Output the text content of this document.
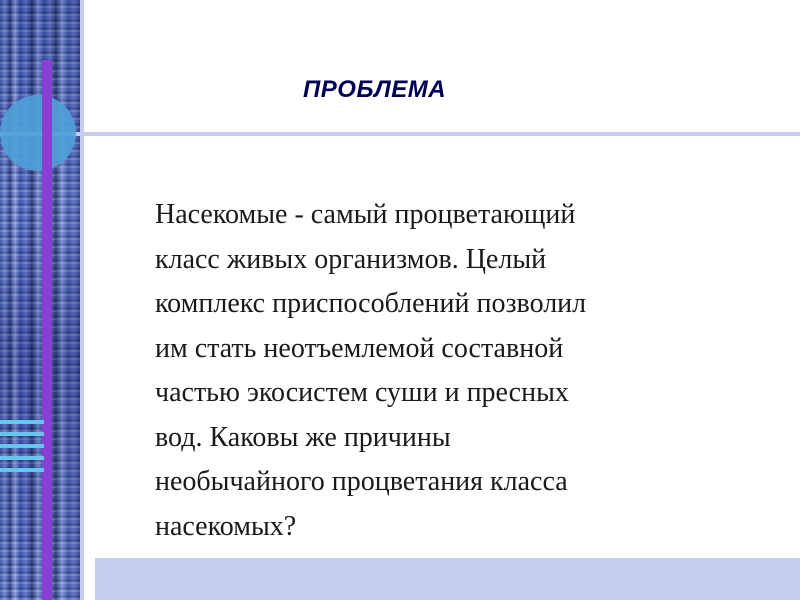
ПРОБЛЕМА

Насекомые - самый процветающий
класс живых организмов. Целый
комплекс приспособлений позволил
им стать неотъемлемой составной
частью экосистем суши и пресных
вод. Каковы же причины
необычайного процветания класса
насекомых?
